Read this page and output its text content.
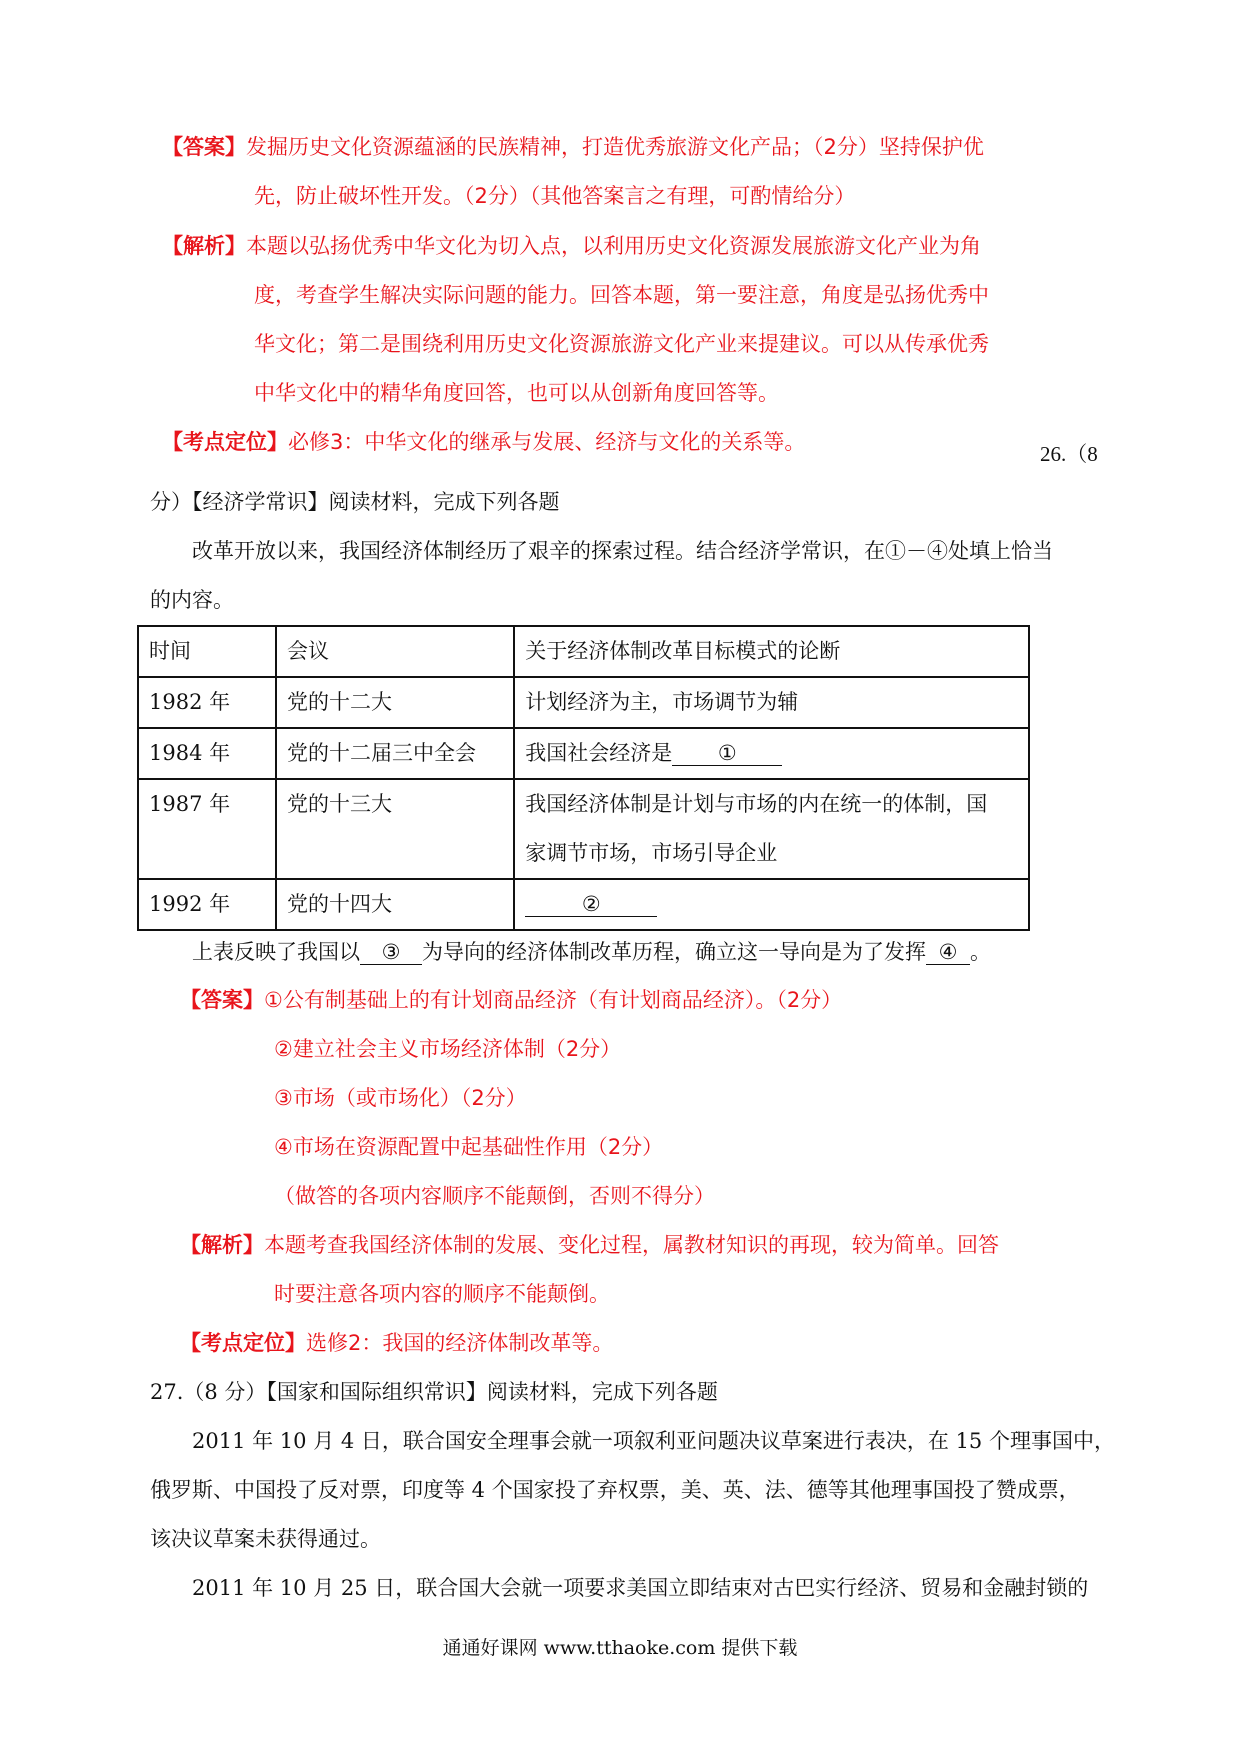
【答案】发掘历史文化资源蕴涵的民族精神，打造优秀旅游文化产品；（2分）坚持保护优
先，防止破坏性开发。（2分）（其他答案言之有理，可酌情给分）
【解析】本题以弘扬优秀中华文化为切入点，以利用历史文化资源发展旅游文化产业为角
度，考查学生解决实际问题的能力。回答本题，第一要注意，角度是弘扬优秀中
华文化；第二是围绕利用历史文化资源旅游文化产业来提建议。可以从传承优秀
中华文化中的精华角度回答，也可以从创新角度回答等。
【考点定位】必修3：中华文化的继承与发展、经济与文化的关系等。	26.（8
分）【经济学常识】阅读材料，完成下列各题
改革开放以来，我国经济体制经历了艰辛的探索过程。结合经济学常识，在①－④处填上恰当
的内容。
时间	会议	关于经济体制改革目标模式的论断
1982 年	党的十二大	计划经济为主，市场调节为辅
1984 年	党的十二届三中全会	我国社会经济是 ①
1987 年	党的十三大	我国经济体制是计划与市场的内在统一的体制，国
家调节市场，市场引导企业

1992 年	党的十四大	②
上表反映了我国以 ③ 为导向的经济体制改革历程，确立这一导向是为了发挥 ④ 。
【答案】①公有制基础上的有计划商品经济（有计划商品经济）。（2分）
②建立社会主义市场经济体制（2分）
③市场（或市场化）（2分）
④市场在资源配置中起基础性作用（2分）
（做答的各项内容顺序不能颠倒，否则不得分）
【解析】本题考查我国经济体制的发展、变化过程，属教材知识的再现，较为简单。回答
时要注意各项内容的顺序不能颠倒。
【考点定位】选修2：我国的经济体制改革等。
27.（8 分）【国家和国际组织常识】阅读材料，完成下列各题
2011 年 10 月 4 日，联合国安全理事会就一项叙利亚问题决议草案进行表决，在 15 个理事国中，
俄罗斯、中国投了反对票，印度等 4 个国家投了弃权票，美、英、法、德等其他理事国投了赞成票，
该决议草案未获得通过。
2011 年 10 月 25 日，联合国大会就一项要求美国立即结束对古巴实行经济、贸易和金融封锁的
通通好课网 www.tthaoke.com 提供下载
